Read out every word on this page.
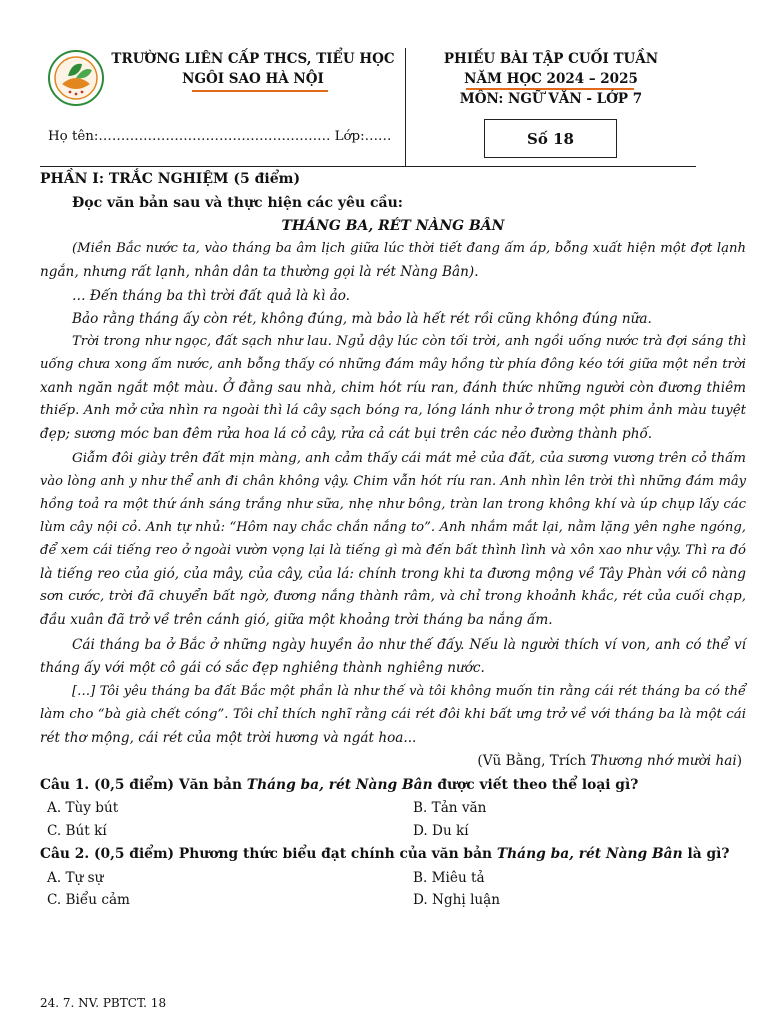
TRƯỜNG LIÊN CẤP THCS, TIỂU HỌC
NGÔI SAO HÀ NỘI
PHIẾU BÀI TẬP CUỐI TUẦN
NĂM HỌC 2024 – 2025
MÔN: NGỮ VĂN - LỚP 7
Họ tên:……………………………………………. Lớp:……	Số 18
PHẦN I: TRẮC NGHIỆM (5 điểm)
Đọc văn bản sau và thực hiện các yêu cầu:
THÁNG BA, RÉT NÀNG BÂN
(Miền Bắc nước ta, vào tháng ba âm lịch giữa lúc thời tiết đang ấm áp, bỗng xuất hiện một đợt lạnh
ngắn, nhưng rất lạnh, nhân dân ta thường gọi là rét Nàng Bân).
… Đến tháng ba thì trời đất quả là kì ảo.
Bảo rằng tháng ấy còn rét, không đúng, mà bảo là hết rét rồi cũng không đúng nữa.
Trời trong như ngọc, đất sạch như lau. Ngủ dậy lúc còn tối trời, anh ngồi uống nước trà đợi sáng thì
uống chưa xong ấm nước, anh bỗng thấy có những đám mây hồng từ phía đông kéo tới giữa một nền trời
xanh ngăn ngắt một màu. Ở đằng sau nhà, chim hót ríu ran, đánh thức những người còn đương thiêm
thiếp. Anh mở cửa nhìn ra ngoài thì lá cây sạch bóng ra, lóng lánh như ở trong một phim ảnh màu tuyệt
đẹp; sương móc ban đêm rửa hoa lá cỏ cây, rửa cả cát bụi trên các nẻo đường thành phố.
Giẫm đôi giày trên đất mịn màng, anh cảm thấy cái mát mẻ của đất, của sương vương trên cỏ thấm
vào lòng anh y như thể anh đi chân không vậy. Chim vẫn hót ríu ran. Anh nhìn lên trời thì những đám mây
hồng toả ra một thứ ánh sáng trắng như sữa, nhẹ như bông, tràn lan trong không khí và úp chụp lấy các
lùm cây nội cỏ. Anh tự nhủ: “Hôm nay chắc chắn nắng to”. Anh nhắm mắt lại, nằm lặng yên nghe ngóng,
để xem cái tiếng reo ở ngoài vườn vọng lại là tiếng gì mà đến bất thình lình và xôn xao như vậy. Thì ra đó
là tiếng reo của gió, của mây, của cây, của lá: chính trong khi ta đương mộng về Tây Phàn với cô nàng
sơn cước, trời đã chuyển bất ngờ, đương nắng thành râm, và chỉ trong khoảnh khắc, rét của cuối chạp,
đầu xuân đã trở về trên cánh gió, giữa một khoảng trời tháng ba nắng ấm.
Cái tháng ba ở Bắc ở những ngày huyền ảo như thế đấy. Nếu là người thích ví von, anh có thể ví
tháng ấy với một cô gái có sắc đẹp nghiêng thành nghiêng nước.
[…] Tôi yêu tháng ba đất Bắc một phần là như thế và tôi không muốn tin rằng cái rét tháng ba có thể
làm cho “bà già chết cóng”. Tôi chỉ thích nghĩ rằng cái rét đôi khi bất ưng trở về với tháng ba là một cái
rét thơ mộng, cái rét của một trời hương và ngát hoa...
(Vũ Bằng, Trích Thương nhớ mười hai)
Câu 1. (0,5 điểm) Văn bản Tháng ba, rét Nàng Bân được viết theo thể loại gì?
A. Tùy bút	B. Tản văn
C. Bút kí	D. Du kí
Câu 2. (0,5 điểm) Phương thức biểu đạt chính của văn bản Tháng ba, rét Nàng Bân là gì?
A. Tự sự	B. Miêu tả
C. Biểu cảm	D. Nghị luận
24. 7. NV. PBTCT. 18
